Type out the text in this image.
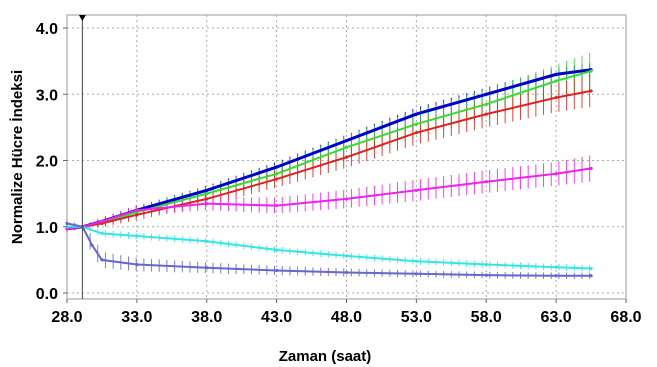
28.0 33.0 38.0 43.0 48.0 53.0 58.0 63.0 68.0
0.0
1.0
2.0
3.0
4.0
Zaman (saat)
Normalize Hücre İndeksi
